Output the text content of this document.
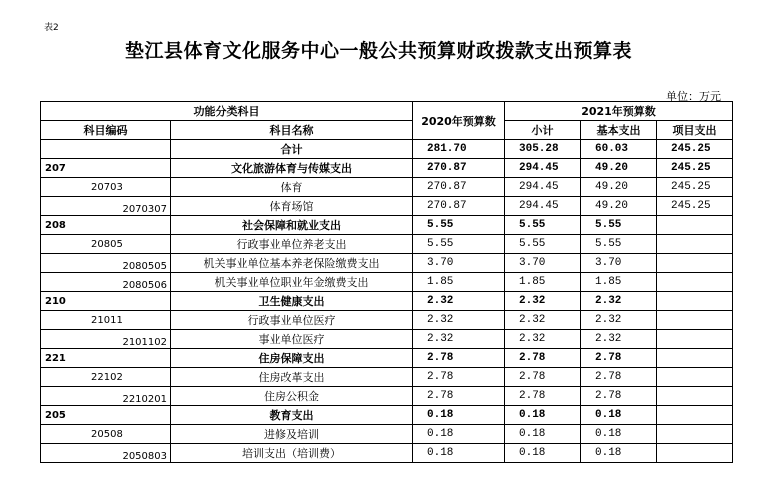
表2
垫江县体育文化服务中心一般公共预算财政拨款支出预算表
单位：万元
功能分类科目		2020年预算数	2021年预算数		
科目编码	科目名称		小计	基本支出	项目支出
	合计	281.70	305.28	60.03	245.25
207	文化旅游体育与传媒支出	270.87	294.45	49.20	245.25
20703	体育	270.87	294.45	49.20	245.25
2070307	体育场馆	270.87	294.45	49.20	245.25
208	社会保障和就业支出	5.55	5.55	5.55	
20805	行政事业单位养老支出	5.55	5.55	5.55	
2080505	机关事业单位基本养老保险缴费支出	3.70	3.70	3.70	
2080506	机关事业单位职业年金缴费支出	1.85	1.85	1.85	
210	卫生健康支出	2.32	2.32	2.32	
21011	行政事业单位医疗	2.32	2.32	2.32	
2101102	事业单位医疗	2.32	2.32	2.32	
221	住房保障支出	2.78	2.78	2.78	
22102	住房改革支出	2.78	2.78	2.78	
2210201	住房公积金	2.78	2.78	2.78	
205	教育支出	0.18	0.18	0.18	
20508	进修及培训	0.18	0.18	0.18	
2050803	培训支出（培训费）	0.18	0.18	0.18	
